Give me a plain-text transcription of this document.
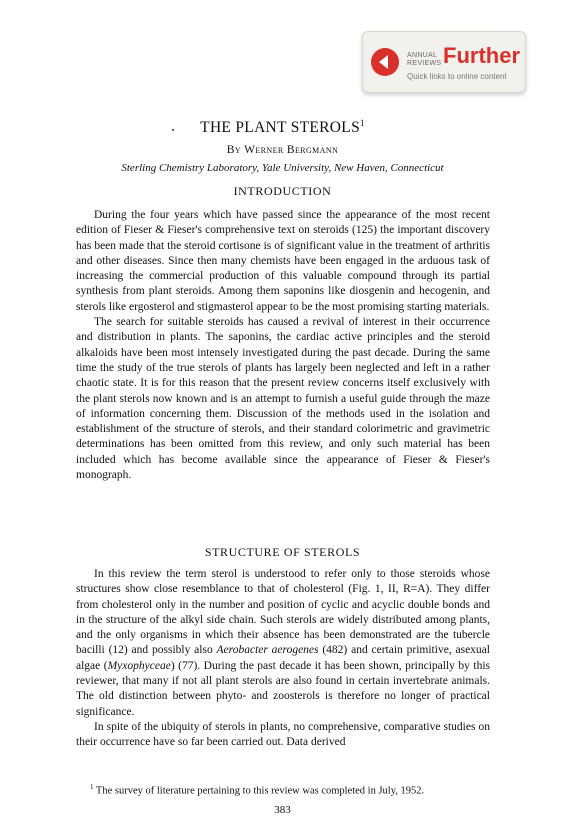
ANNUAL
REVIEWS Further
Quick links to online content
THE PLANT STEROLS$^1$
By Werner Bergmann
Sterling Chemistry Laboratory, Yale University, New Haven, Connecticut
INTRODUCTION

During the four years which have passed since the appearance of the most recent edition of Fieser & Fieser's comprehensive text on steroids (125) the important discovery has been made that the steroid cortisone is of significant value in the treatment of arthritis and other diseases. Since then many chemists have been engaged in the arduous task of increasing the commercial production of this valuable compound through its partial synthesis from plant steroids. Among them saponins like diosgenin and hecogenin, and sterols like ergosterol and stigmasterol appear to be the most promising starting materials.

The search for suitable steroids has caused a revival of interest in their occurrence and distribution in plants. The saponins, the cardiac active principles and the steroid alkaloids have been most intensely investigated during the past decade. During the same time the study of the true sterols of plants has largely been neglected and left in a rather chaotic state. It is for this reason that the present review concerns itself exclusively with the plant sterols now known and is an attempt to furnish a useful guide through the maze of information concerning them. Discussion of the methods used in the isolation and establishment of the structure of sterols, and their standard colorimetric and gravimetric determinations has been omitted from this review, and only such material has been included which has become available since the appearance of Fieser & Fieser's monograph.

STRUCTURE OF STEROLS

In this review the term sterol is understood to refer only to those steroids whose structures show close resemblance to that of cholesterol (Fig. 1, II, R=A). They differ from cholesterol only in the number and position of cyclic and acyclic double bonds and in the structure of the alkyl side chain. Such sterols are widely distributed among plants, and the only organisms in which their absence has been demonstrated are the tubercle bacilli (12) and possibly also Aerobacter aerogenes (482) and certain primitive, asexual algae (Myxophyceae) (77). During the past decade it has been shown, principally by this reviewer, that many if not all plant sterols are also found in certain invertebrate animals. The old distinction between phyto- and zoosterols is therefore no longer of practical significance.

In spite of the ubiquity of sterols in plants, no comprehensive, comparative studies on their occurrence have so far been carried out. Data derived

$^1$ The survey of literature pertaining to this review was completed in July, 1952.
383
